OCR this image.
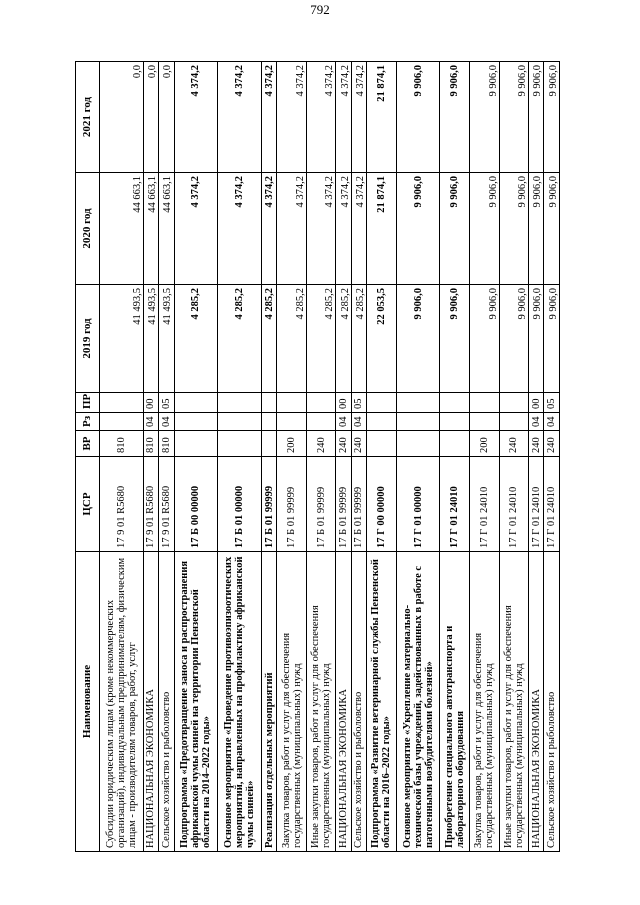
792
Наименование	ЦСР	ВР	Рз	ПР	2019 год	2020 год	2021 год
Субсидии юридическим лицам (кроме некоммерческих организаций), индивидуальным предпринимателям, физическим лицам - производителям товаров, работ, услуг	17 9 01 R5680	810			41 493,5	44 663,1	0,0
НАЦИОНАЛЬНАЯ ЭКОНОМИКА	17 9 01 R5680	810	04	00	41 493,5	44 663,1	0,0
Сельское хозяйство и рыболовство	17 9 01 R5680	810	04	05	41 493,5	44 663,1	0,0
Подпрограмма «Предотвращение заноса и распространения африканской чумы свиней на территории Пензенской области на 2014–2022 годы»	17 Б 00 00000				4 285,2	4 374,2	4 374,2
Основное мероприятие «Проведение противоэпизоотических мероприятий, направленных на профилактику африканской чумы свиней»	17 Б 01 00000				4 285,2	4 374,2	4 374,2
Реализация отдельных мероприятий	17 Б 01 99999				4 285,2	4 374,2	4 374,2
Закупка товаров, работ и услуг для обеспечения государственных (муниципальных) нужд	17 Б 01 99999	200			4 285,2	4 374,2	4 374,2
Иные закупки товаров, работ и услуг для обеспечения государственных (муниципальных) нужд	17 Б 01 99999	240			4 285,2	4 374,2	4 374,2
НАЦИОНАЛЬНАЯ ЭКОНОМИКА	17 Б 01 99999	240	04	00	4 285,2	4 374,2	4 374,2
Сельское хозяйство и рыболовство	17 Б 01 99999	240	04	05	4 285,2	4 374,2	4 374,2
Подпрограмма «Развитие ветеринарной службы Пензенской области на 2016–2022 годы»	17 Г 00 00000				22 053,5	21 874,1	21 874,1
Основное мероприятие «Укрепление материально-технической базы учреждений, задействованных в работе с патогенными возбудителями болезней»	17 Г 01 00000				9 906,0	9 906,0	9 906,0
Приобретение специального автотранспорта и лабораторного оборудования	17 Г 01 24010				9 906,0	9 906,0	9 906,0
Закупка товаров, работ и услуг для обеспечения государственных (муниципальных) нужд	17 Г 01 24010	200			9 906,0	9 906,0	9 906,0
Иные закупки товаров, работ и услуг для обеспечения государственных (муниципальных) нужд	17 Г 01 24010	240			9 906,0	9 906,0	9 906,0
НАЦИОНАЛЬНАЯ ЭКОНОМИКА	17 Г 01 24010	240	04	00	9 906,0	9 906,0	9 906,0
Сельское хозяйство и рыболовство	17 Г 01 24010	240	04	05	9 906,0	9 906,0	9 906,0
